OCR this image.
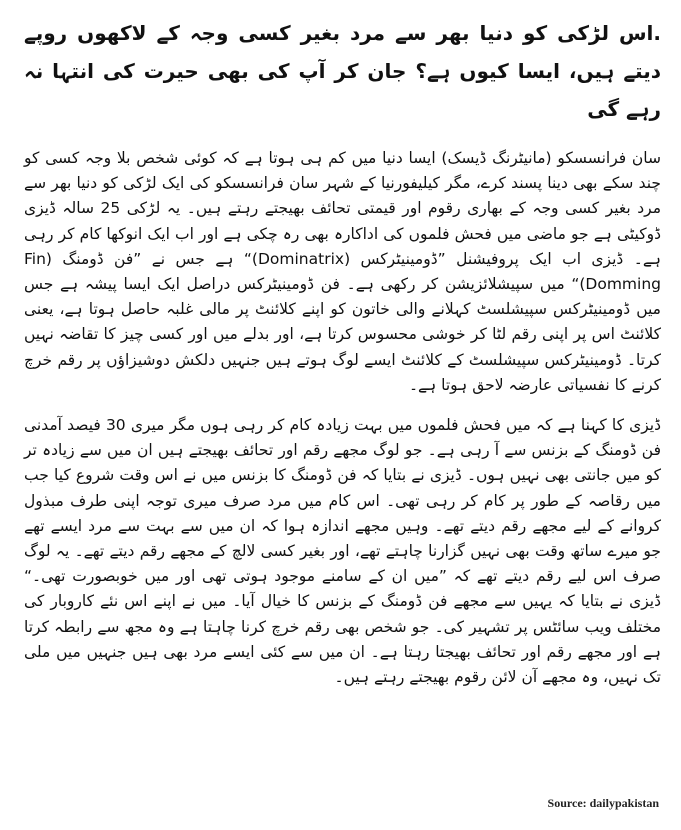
.اس لڑکی کو دنیا بھر سے مرد بغیر کسی وجہ کے لاکھوں روپے دیتے ہیں، ایسا کیوں ہے؟ جان کر آپ کی بھی حیرت کی انتہا نہ رہے گی

سان فرانسسکو (مانیٹرنگ ڈیسک) ایسا دنیا میں کم ہی ہوتا ہے کہ کوئی شخص بلا وجہ کسی کو چند سکے بھی دینا پسند کرے، مگر کیلیفورنیا کے شہر سان فرانسسکو کی ایک لڑکی کو دنیا بھر سے مرد بغیر کسی وجہ کے بھاری رقوم اور قیمتی تحائف بھیجتے رہتے ہیں۔ یہ لڑکی 25 سالہ ڈیزی ڈوکیٹی ہے جو ماضی میں فحش فلموں کی اداکارہ بھی رہ چکی ہے اور اب ایک انوکھا کام کر رہی ہے۔ ڈیزی اب ایک پروفیشنل ”ڈومینیٹرکس (Dominatrix)“ ہے جس نے ”فن ڈومنگ (Fin Domming)“ میں سپیشلائزیشن کر رکھی ہے۔ فن ڈومینیٹرکس دراصل ایک ایسا پیشہ ہے جس میں ڈومینیٹرکس سپیشلسٹ کہلانے والی خاتون کو اپنے کلائنٹ پر مالی غلبہ حاصل ہوتا ہے، یعنی کلائنٹ اس پر اپنی رقم لٹا کر خوشی محسوس کرتا ہے، اور بدلے میں اور کسی چیز کا تقاضہ نہیں کرتا۔ ڈومینیٹرکس سپیشلسٹ کے کلائنٹ ایسے لوگ ہوتے ہیں جنہیں دلکش دوشیزاﺅں پر رقم خرچ کرنے کا نفسیاتی عارضہ لاحق ہوتا ہے۔

ڈیزی کا کہنا ہے کہ میں فحش فلموں میں بہت زیادہ کام کر رہی ہوں مگر میری 30 فیصد آمدنی فن ڈومنگ کے بزنس سے آ رہی ہے۔ جو لوگ مجھے رقم اور تحائف بھیجتے ہیں ان میں سے زیادہ تر کو میں جانتی بھی نہیں ہوں۔ ڈیزی نے بتایا کہ فن ڈومنگ کا بزنس میں نے اس وقت شروع کیا جب میں رقاصہ کے طور پر کام کر رہی تھی۔ اس کام میں مرد صرف میری توجہ اپنی طرف مبذول کروانے کے لیے مجھے رقم دیتے تھے۔ وہیں مجھے اندازہ ہوا کہ ان میں سے بہت سے مرد ایسے تھے جو میرے ساتھ وقت بھی نہیں گزارنا چاہتے تھے، اور بغیر کسی لالچ کے مجھے رقم دیتے تھے۔ یہ لوگ صرف اس لیے رقم دیتے تھے کہ ”میں ان کے سامنے موجود ہوتی تھی اور میں خوبصورت تھی۔“ ڈیزی نے بتایا کہ یہیں سے مجھے فن ڈومنگ کے بزنس کا خیال آیا۔ میں نے اپنے اس نئے کاروبار کی مختلف ویب سائٹس پر تشہیر کی۔ جو شخص بھی رقم خرچ کرنا چاہتا ہے وہ مجھ سے رابطہ کرتا ہے اور مجھے رقم اور تحائف بھیجتا رہتا ہے۔ ان میں سے کئی ایسے مرد بھی ہیں جنہیں میں ملی تک نہیں، وہ مجھے آن لائن رقوم بھیجتے رہتے ہیں۔

Source: dailypakistan
